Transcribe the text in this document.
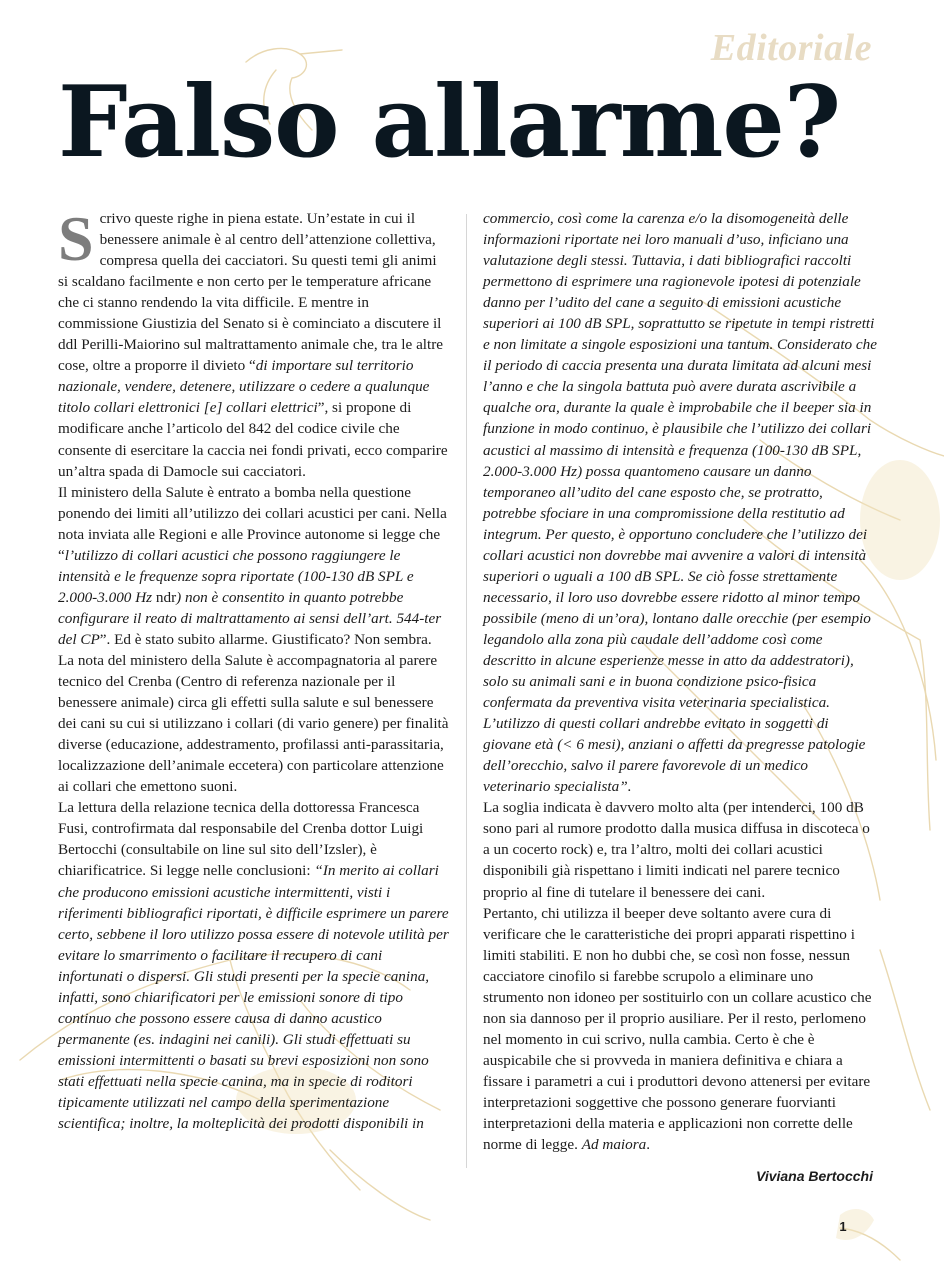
Editoriale
Falso allarme?

Scrivo queste righe in piena estate. Un’estate in cui il benessere animale è al centro dell’attenzione collettiva, compresa quella dei cacciatori. Su questi temi gli animi si scaldano facilmente e non certo per le temperature africane che ci stanno rendendo la vita difficile. E mentre in commissione Giustizia del Senato si è cominciato a discutere il ddl Perilli-Maiorino sul maltrattamento animale che, tra le altre cose, oltre a proporre il divieto “di importare sul territorio nazionale, vendere, detenere, utilizzare o cedere a qualunque titolo collari elettronici [e] collari elettrici”, si propone di modificare anche l’articolo del 842 del codice civile che consente di esercitare la caccia nei fondi privati, ecco comparire un’altra spada di Damocle sui cacciatori.

Il ministero della Salute è entrato a bomba nella questione ponendo dei limiti all’utilizzo dei collari acustici per cani. Nella nota inviata alle Regioni e alle Province autonome si legge che “l’utilizzo di collari acustici che possono raggiungere le intensità e le frequenze sopra riportate (100-130 dB SPL e 2.000-3.000 Hz ndr) non è consentito in quanto potrebbe configurare il reato di maltrattamento ai sensi dell’art. 544-ter del CP”. Ed è stato subito allarme. Giustificato? Non sembra.

La nota del ministero della Salute è accompagnatoria al parere tecnico del Crenba (Centro di referenza nazionale per il benessere animale) circa gli effetti sulla salute e sul benessere dei cani su cui si utilizzano i collari (di vario genere) per finalità diverse (educazione, addestramento, profilassi anti-parassitaria, localizzazione dell’animale eccetera) con particolare attenzione ai collari che emettono suoni.

La lettura della relazione tecnica della dottoressa Francesca Fusi, controfirmata dal responsabile del Crenba dottor Luigi Bertocchi (consultabile on line sul sito dell’Izsler), è chiarificatrice. Si legge nelle conclusioni: “In merito ai collari che producono emissioni acustiche intermittenti, visti i riferimenti bibliografici riportati, è difficile esprimere un parere certo, sebbene il loro utilizzo possa essere di notevole utilità per evitare lo smarrimento o facilitare il recupero di cani infortunati o dispersi. Gli studi presenti per la specie canina, infatti, sono chiarificatori per le emissioni sonore di tipo continuo che possono essere causa di danno acustico permanente (es. indagini nei canili). Gli studi effettuati su emissioni intermittenti o basati su brevi esposizioni non sono stati effettuati nella specie canina, ma in specie di roditori tipicamente utilizzati nel campo della sperimentazione scientifica; inoltre, la molteplicità dei prodotti disponibili in

commercio, così come la carenza e/o la disomogeneità delle informazioni riportate nei loro manuali d’uso, inficiano una valutazione degli stessi. Tuttavia, i dati bibliografici raccolti permettono di esprimere una ragionevole ipotesi di potenziale danno per l’udito del cane a seguito di emissioni acustiche superiori ai 100 dB SPL, soprattutto se ripetute in tempi ristretti e non limitate a singole esposizioni una tantum. Considerato che il periodo di caccia presenta una durata limitata ad alcuni mesi l’anno e che la singola battuta può avere durata ascrivibile a qualche ora, durante la quale è improbabile che il beeper sia in funzione in modo continuo, è plausibile che l’utilizzo dei collari acustici al massimo di intensità e frequenza (100-130 dB SPL, 2.000-3.000 Hz) possa quantomeno causare un danno temporaneo all’udito del cane esposto che, se protratto, potrebbe sfociare in una compromissione della restitutio ad integrum. Per questo, è opportuno concludere che l’utilizzo dei collari acustici non dovrebbe mai avvenire a valori di intensità superiori o uguali a 100 dB SPL. Se ciò fosse strettamente necessario, il loro uso dovrebbe essere ridotto al minor tempo possibile (meno di un’ora), lontano dalle orecchie (per esempio legandolo alla zona più caudale dell’addome così come descritto in alcune esperienze messe in atto da addestratori), solo su animali sani e in buona condizione psico-fisica confermata da preventiva visita veterinaria specialistica. L’utilizzo di questi collari andrebbe evitato in soggetti di giovane età (< 6 mesi), anziani o affetti da pregresse patologie dell’orecchio, salvo il parere favorevole di un medico veterinario specialista”.

La soglia indicata è davvero molto alta (per intenderci, 100 dB sono pari al rumore prodotto dalla musica diffusa in discoteca o a un cocerto rock) e, tra l’altro, molti dei collari acustici disponibili già rispettano i limiti indicati nel parere tecnico proprio al fine di tutelare il benessere dei cani.

Pertanto, chi utilizza il beeper deve soltanto avere cura di verificare che le caratteristiche dei propri apparati rispettino i limiti stabiliti. E non ho dubbi che, se così non fosse, nessun cacciatore cinofilo si farebbe scrupolo a eliminare uno strumento non idoneo per sostituirlo con un collare acustico che non sia dannoso per il proprio ausiliare. Per il resto, perlomeno nel momento in cui scrivo, nulla cambia. Certo è che è auspicabile che si provveda in maniera definitiva e chiara a fissare i parametri a cui i produttori devono attenersi per evitare interpretazioni soggettive che possono generare fuorvianti interpretazioni della materia e applicazioni non corrette delle norme di legge. Ad maiora.

Viviana Bertocchi
1
